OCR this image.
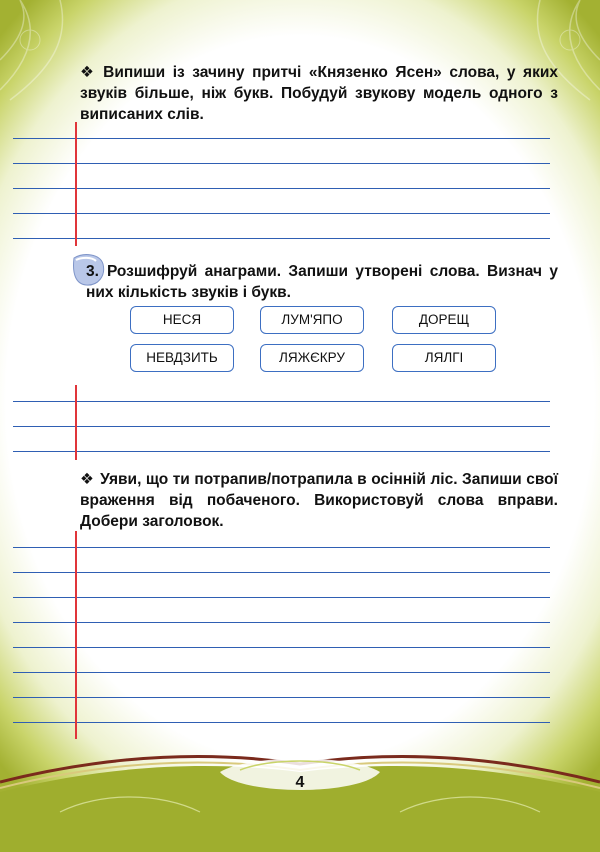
❖ Випиши із зачину притчі «Князенко Ясен» слова, у яких звуків більше, ніж букв. Побудуй звукову модель одного з виписаних слів.
3. Розшифруй анаграми. Запиши утворені слова. Визнач у них кількість звуків і букв.
НЕСЯ	ЛУМ'ЯПО	ДОРЕЩ
НЕВДЗИТЬ	ЛЯЖЄКРУ	ЛЯЛГІ
❖ Уяви, що ти потрапив/потрапила в осінній ліс. Запиши свої враження від побаченого. Використовуй слова вправи. Добери заголовок.
4
